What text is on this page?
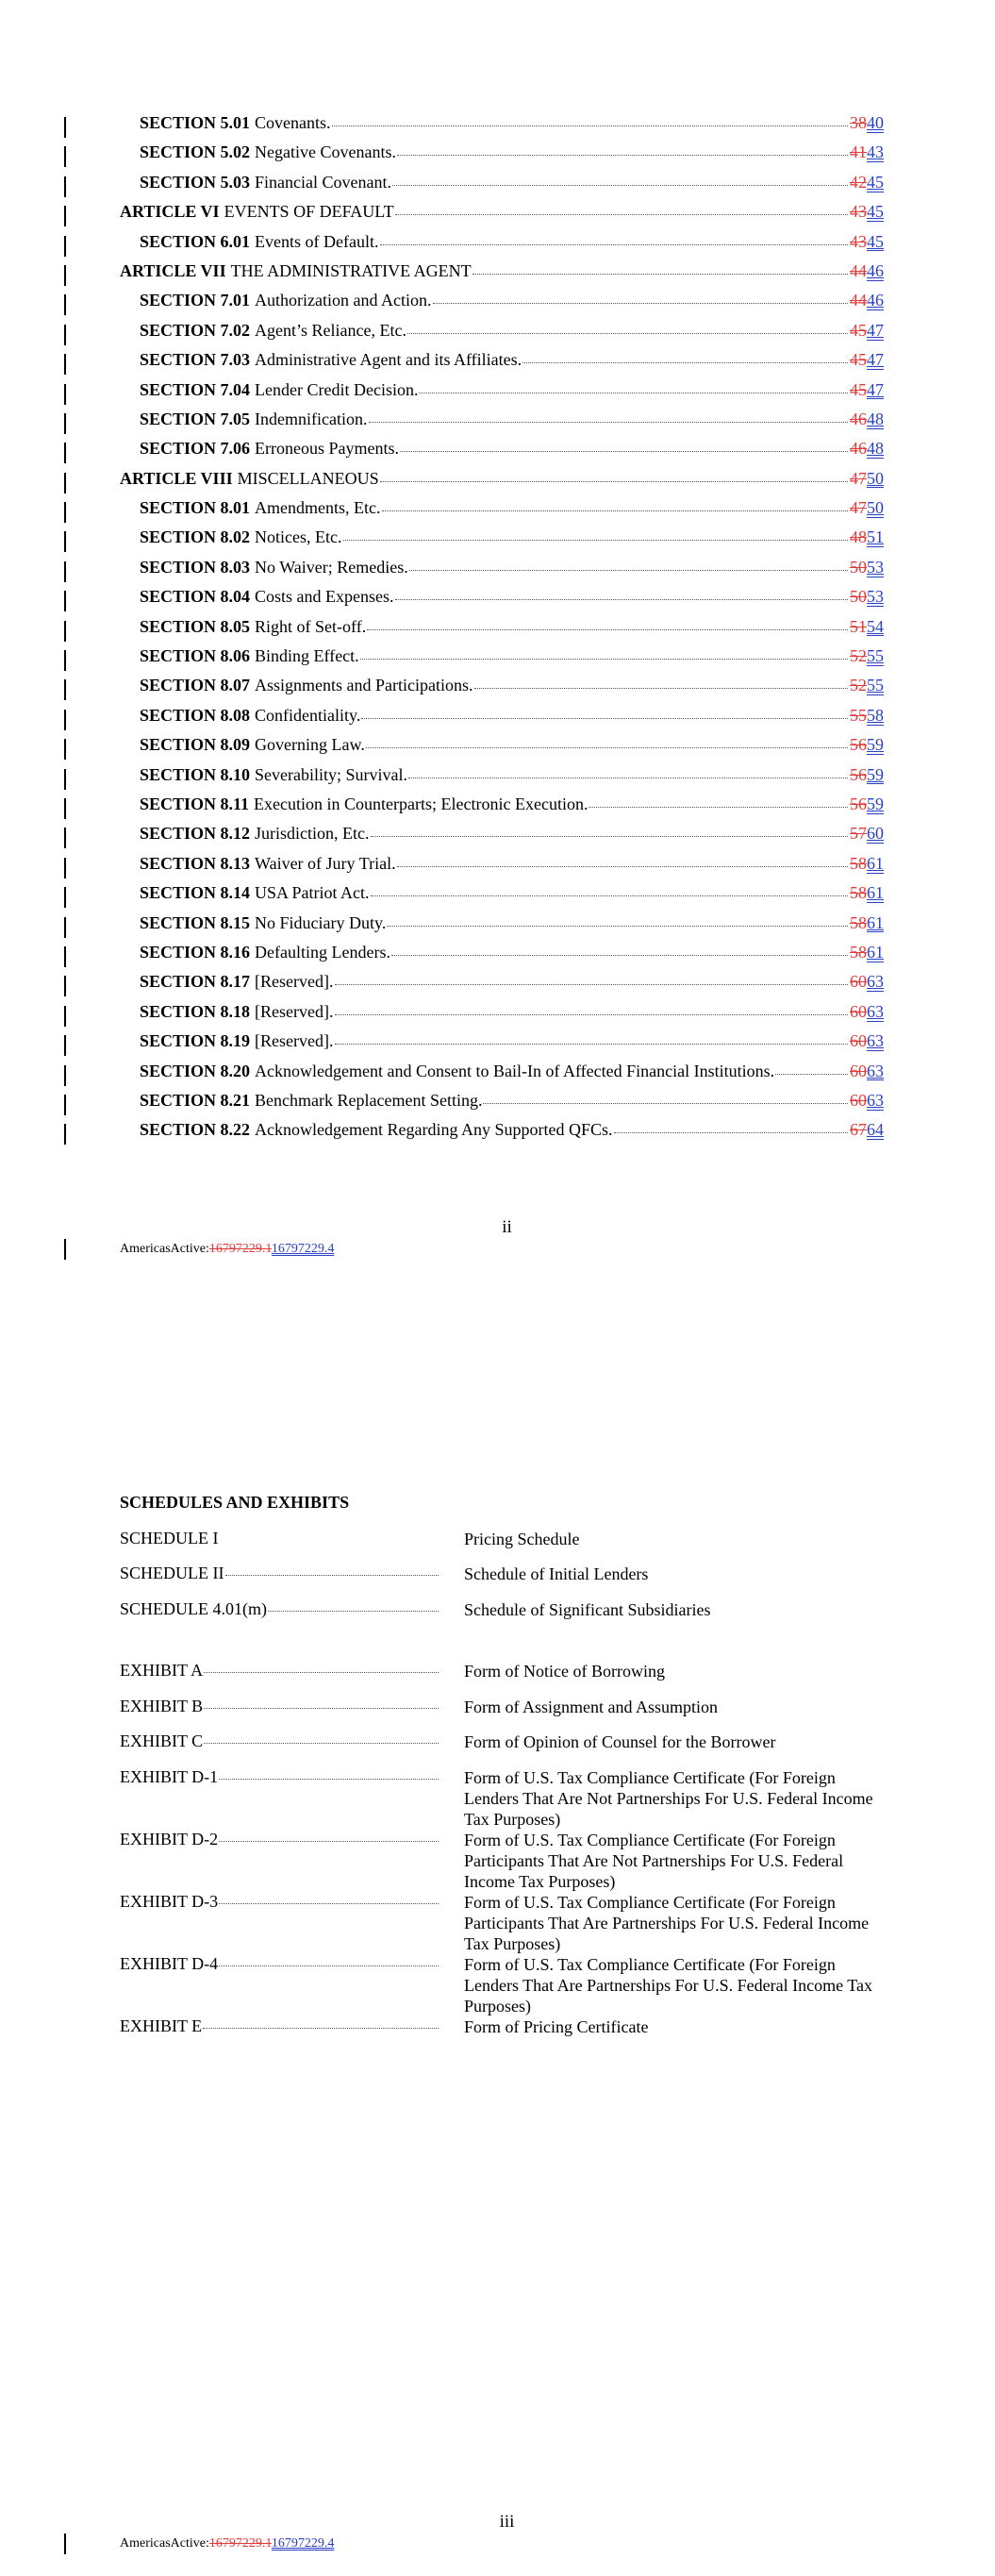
SECTION 5.01 Covenants.	3840
SECTION 5.02 Negative Covenants.	4143
SECTION 5.03 Financial Covenant.	4245
ARTICLE VI EVENTS OF DEFAULT	4345
SECTION 6.01 Events of Default.	4345
ARTICLE VII THE ADMINISTRATIVE AGENT	4446
SECTION 7.01 Authorization and Action.	4446
SECTION 7.02 Agent’s Reliance, Etc.	4547
SECTION 7.03 Administrative Agent and its Affiliates.	4547
SECTION 7.04 Lender Credit Decision.	4547
SECTION 7.05 Indemnification.	4648
SECTION 7.06 Erroneous Payments.	4648
ARTICLE VIII MISCELLANEOUS	4750
SECTION 8.01 Amendments, Etc.	4750
SECTION 8.02 Notices, Etc.	4851
SECTION 8.03 No Waiver; Remedies.	5053
SECTION 8.04 Costs and Expenses.	5053
SECTION 8.05 Right of Set-off.	5154
SECTION 8.06 Binding Effect.	5255
SECTION 8.07 Assignments and Participations.	5255
SECTION 8.08 Confidentiality.	5558
SECTION 8.09 Governing Law.	5659
SECTION 8.10 Severability; Survival.	5659
SECTION 8.11 Execution in Counterparts; Electronic Execution.	5659
SECTION 8.12 Jurisdiction, Etc.	5760
SECTION 8.13 Waiver of Jury Trial.	5861
SECTION 8.14 USA Patriot Act.	5861
SECTION 8.15 No Fiduciary Duty.	5861
SECTION 8.16 Defaulting Lenders.	5861
SECTION 8.17 [Reserved].	6063
SECTION 8.18 [Reserved].	6063
SECTION 8.19 [Reserved].	6063
SECTION 8.20 Acknowledgement and Consent to Bail-In of Affected Financial Institutions.	6063
SECTION 8.21 Benchmark Replacement Setting.	6063
SECTION 8.22 Acknowledgement Regarding Any Supported QFCs.	6764
ii
AmericasActive:16797229.116797229.4
SCHEDULES AND EXHIBITS
SCHEDULE I	Pricing Schedule
SCHEDULE II	Schedule of Initial Lenders
SCHEDULE 4.01(m)	Schedule of Significant Subsidiaries
EXHIBIT A	Form of Notice of Borrowing
EXHIBIT B	Form of Assignment and Assumption
EXHIBIT C	Form of Opinion of Counsel for the Borrower
EXHIBIT D-1	Form of U.S. Tax Compliance Certificate (For Foreign Lenders That Are Not Partnerships For U.S. Federal Income Tax Purposes)
EXHIBIT D-2	Form of U.S. Tax Compliance Certificate (For Foreign Participants That Are Not Partnerships For U.S. Federal Income Tax Purposes)
EXHIBIT D-3	Form of U.S. Tax Compliance Certificate (For Foreign Participants That Are Partnerships For U.S. Federal Income Tax Purposes)
EXHIBIT D-4	Form of U.S. Tax Compliance Certificate (For Foreign Lenders That Are Partnerships For U.S. Federal Income Tax Purposes)
EXHIBIT E	Form of Pricing Certificate
iii
AmericasActive:16797229.116797229.4
